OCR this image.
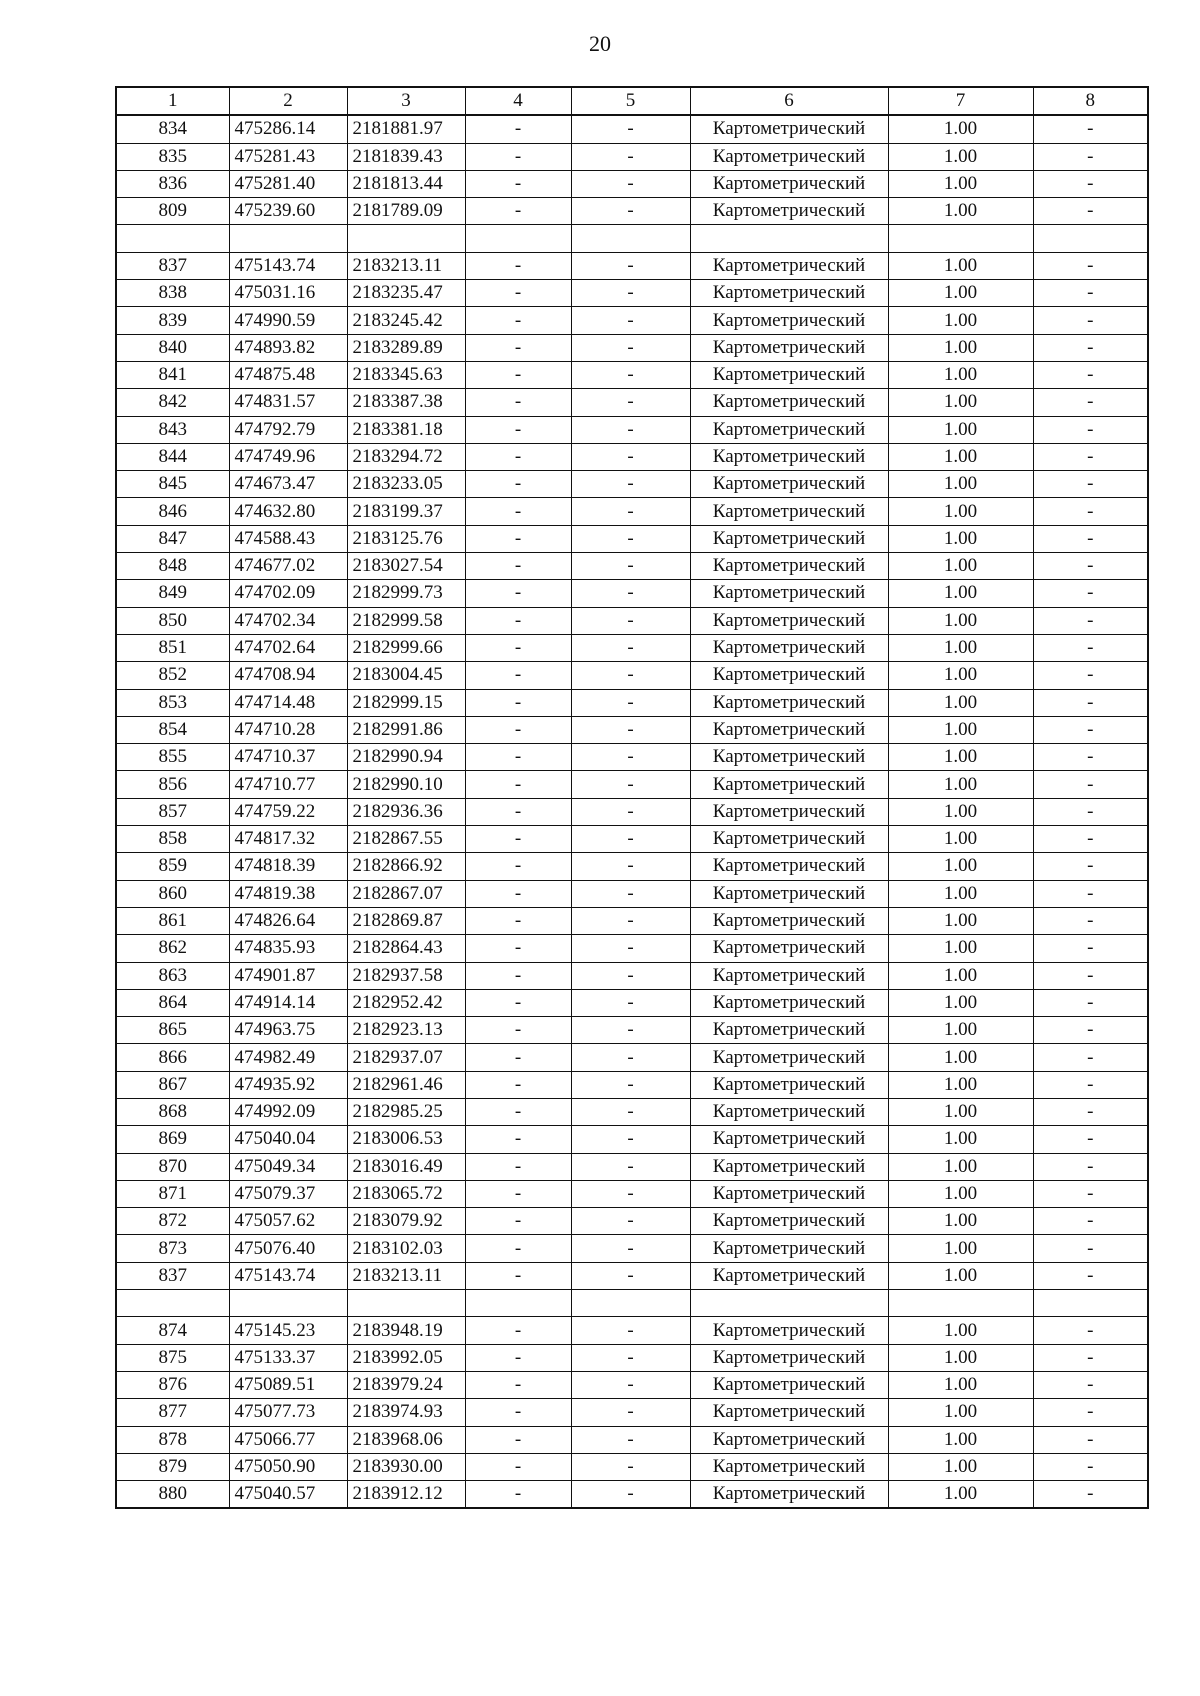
20
1	2	3	4	5	6	7	8
834	475286.14	2181881.97	-	-	Картометрический	1.00	-
835	475281.43	2181839.43	-	-	Картометрический	1.00	-
836	475281.40	2181813.44	-	-	Картометрический	1.00	-
809	475239.60	2181789.09	-	-	Картометрический	1.00	-

837	475143.74	2183213.11	-	-	Картометрический	1.00	-
838	475031.16	2183235.47	-	-	Картометрический	1.00	-
839	474990.59	2183245.42	-	-	Картометрический	1.00	-
840	474893.82	2183289.89	-	-	Картометрический	1.00	-
841	474875.48	2183345.63	-	-	Картометрический	1.00	-
842	474831.57	2183387.38	-	-	Картометрический	1.00	-
843	474792.79	2183381.18	-	-	Картометрический	1.00	-
844	474749.96	2183294.72	-	-	Картометрический	1.00	-
845	474673.47	2183233.05	-	-	Картометрический	1.00	-
846	474632.80	2183199.37	-	-	Картометрический	1.00	-
847	474588.43	2183125.76	-	-	Картометрический	1.00	-
848	474677.02	2183027.54	-	-	Картометрический	1.00	-
849	474702.09	2182999.73	-	-	Картометрический	1.00	-
850	474702.34	2182999.58	-	-	Картометрический	1.00	-
851	474702.64	2182999.66	-	-	Картометрический	1.00	-
852	474708.94	2183004.45	-	-	Картометрический	1.00	-
853	474714.48	2182999.15	-	-	Картометрический	1.00	-
854	474710.28	2182991.86	-	-	Картометрический	1.00	-
855	474710.37	2182990.94	-	-	Картометрический	1.00	-
856	474710.77	2182990.10	-	-	Картометрический	1.00	-
857	474759.22	2182936.36	-	-	Картометрический	1.00	-
858	474817.32	2182867.55	-	-	Картометрический	1.00	-
859	474818.39	2182866.92	-	-	Картометрический	1.00	-
860	474819.38	2182867.07	-	-	Картометрический	1.00	-
861	474826.64	2182869.87	-	-	Картометрический	1.00	-
862	474835.93	2182864.43	-	-	Картометрический	1.00	-
863	474901.87	2182937.58	-	-	Картометрический	1.00	-
864	474914.14	2182952.42	-	-	Картометрический	1.00	-
865	474963.75	2182923.13	-	-	Картометрический	1.00	-
866	474982.49	2182937.07	-	-	Картометрический	1.00	-
867	474935.92	2182961.46	-	-	Картометрический	1.00	-
868	474992.09	2182985.25	-	-	Картометрический	1.00	-
869	475040.04	2183006.53	-	-	Картометрический	1.00	-
870	475049.34	2183016.49	-	-	Картометрический	1.00	-
871	475079.37	2183065.72	-	-	Картометрический	1.00	-
872	475057.62	2183079.92	-	-	Картометрический	1.00	-
873	475076.40	2183102.03	-	-	Картометрический	1.00	-
837	475143.74	2183213.11	-	-	Картометрический	1.00	-

874	475145.23	2183948.19	-	-	Картометрический	1.00	-
875	475133.37	2183992.05	-	-	Картометрический	1.00	-
876	475089.51	2183979.24	-	-	Картометрический	1.00	-
877	475077.73	2183974.93	-	-	Картометрический	1.00	-
878	475066.77	2183968.06	-	-	Картометрический	1.00	-
879	475050.90	2183930.00	-	-	Картометрический	1.00	-
880	475040.57	2183912.12	-	-	Картометрический	1.00	-
